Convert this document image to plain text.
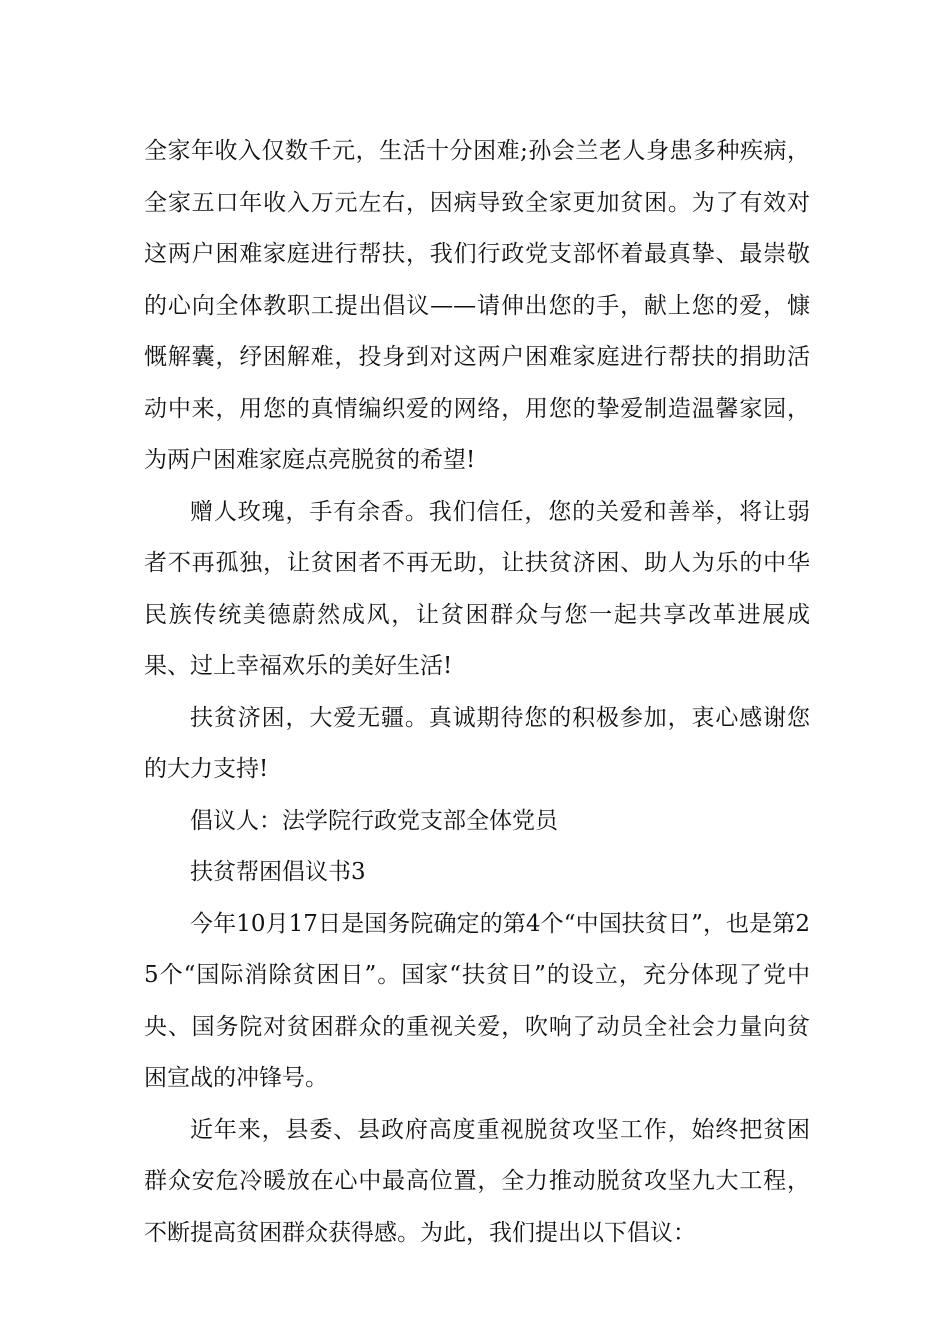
全家年收入仅数千元，生活十分困难;孙会兰老人身患多种疾病，全家五口年收入万元左右，因病导致全家更加贫困。为了有效对这两户困难家庭进行帮扶，我们行政党支部怀着最真挚、最崇敬的心向全体教职工提出倡议——请伸出您的手，献上您的爱，慷慨解囊，纾困解难，投身到对这两户困难家庭进行帮扶的捐助活动中来，用您的真情编织爱的网络，用您的挚爱制造温馨家园，为两户困难家庭点亮脱贫的希望!

赠人玫瑰，手有余香。我们信任，您的关爱和善举，将让弱者不再孤独，让贫困者不再无助，让扶贫济困、助人为乐的中华民族传统美德蔚然成风，让贫困群众与您一起共享改革进展成果、过上幸福欢乐的美好生活!

扶贫济困，大爱无疆。真诚期待您的积极参加，衷心感谢您的大力支持!

倡议人：法学院行政党支部全体党员

扶贫帮困倡议书3

今年10月17日是国务院确定的第4个“中国扶贫日”，也是第25个“国际消除贫困日”。国家“扶贫日”的设立，充分体现了党中央、国务院对贫困群众的重视关爱，吹响了动员全社会力量向贫困宣战的冲锋号。

近年来，县委、县政府高度重视脱贫攻坚工作，始终把贫困群众安危冷暖放在心中最高位置，全力推动脱贫攻坚九大工程，不断提高贫困群众获得感。为此，我们提出以下倡议：
